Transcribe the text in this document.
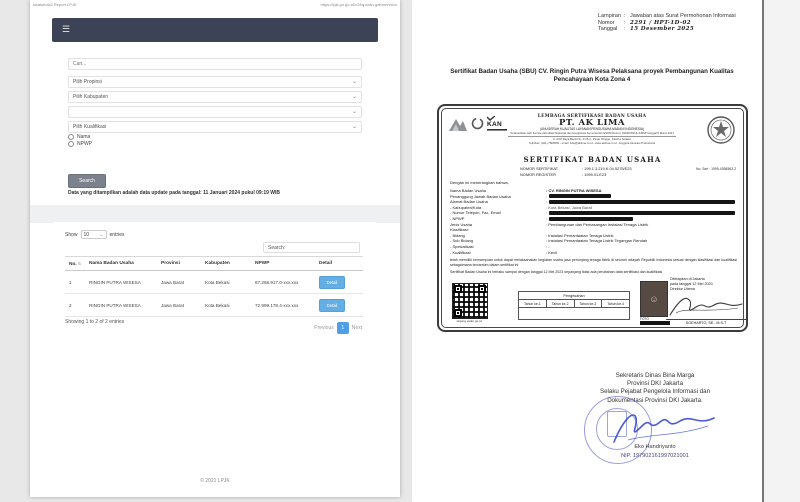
swakelola2 Report LPJK	https://lpjk.pu.go.id/v2/laporan-gabmen/sbu
☰
Cari...
Pilih Propinsi	⌄
Pilih Kabupaten	⌄
⌄
Pilih Kualifikasi	⌄
Nama
NPWP
Search
Data yang ditampilkan adalah data update pada tanggal: 11 Januari 2024 pukul 09:19 WIB
Show 10 ⌄ entries
Search:
No.⇅	Nama Badan Usaha	Provinsi	Kabupaten	NPWP	Detail
1	RINGIN PUTRA WISESA	Jawa Barat	Kota Bekasi	87.258.917.0-xxx.xxx	Detail
2	RINGIN PUTRA WISESA	Jawa Barat	Kota Bekasi	72.999.178.4-xxx.xxx	Detail
Showing 1 to 2 of 2 entries
Previous	1	Next
© 2021 LPJK
Lampiran : Jawaban atas Surat Permohonan Informasi
Nomor	: 2291 / HPT-1D-02
Tanggal	: 15 Desember 2025
Sertifikat Badan Usaha (SBU) CV. Ringin Putra Wisesa Pelaksana proyek Pembangunan Kualitas Pencahayaan Kota Zona 4
KAN
LEMBAGA SERTIFIKASI BADAN USAHA
PT. AK LIMA
(ANUGERAH KUALITAS LAYANAN PENGUSAHA MADANI INDONESIA)
Terakreditasi oleh Komite Akreditasi Nasional dan teregistrasi Kementerian ESDM Nomor: 0009/20/DJL.4/BSP tanggal 5 Maret 2021
Jl. AUP Raya Barat No. 21 B-C, Pasar Minggu, Jakarta Selatan
Telp/Fax: (021) 7806556 - email: lsbu@aklima.co.id - www.aklima.co.id - Anggota Asosiasi Profesional
SERTIFIKAT BADAN USAHA
NOMOR SERTIFIKAT	: 199.1.3.219.K.04.5275/E23
NOMOR REGISTER	: 1999.01.E23
No. Seri : 1999-4398563-2
Dengan ini menerangkan bahwa,
Nama Badan Usaha	: CV. RINGIN PUTRA WISESA
Penanggung Jawab Badan Usaha	:
Alamat Badan Usaha	:
- Kabupaten/Kota	: Kota Bekasi, Jawa Barat
- Nomor Telepon, Fax, Email	:
- NPWP	:
Jenis Usaha	: Pembangunan dan Pemasangan Instalasi Tenaga Listrik
Klasifikasi:
- Bidang	: Instalasi Pemanfaatan Tenaga Listrik
- Sub Bidang	: Instalasi Pemanfaatan Tenaga Listrik Tegangan Rendah
- Spesialisasi	: -
- Kualifikasi	: Kecil
telah memiliki kemampuan untuk dapat melaksanakan kegiatan usaha jasa penunjang tenaga listrik di seluruh wilayah Republik Indonesia sesuai dengan klasifikasi dan kualifikasi sebagaimana tercantum dalam sertifikat ini
Sertifikat Badan Usaha ini berlaku sampai dengan tanggal 12 Mei 2023 sepanjang tidak ada perubahan data sertifikasi dan kualifikasi
siujang.esdm.go.id
Pengesahan
Tahun ke-1	Tahun ke-2	Tahun ke-3	Tahun ke-4	☺
FOTO
Ditetapkan di Jakarta
pada tanggal 12 Mei 2020
Direktur Utama
SOEHARTO, SE., M.S.T
Sekretaris Dinas Bina Marga
Provinsi DKI Jakarta
Selaku Pejabat Pengelola Informasi dan
Dokumentasi Provinsi DKI Jakarta.
Eko Handriyanto
NIP. 197902161997021001
